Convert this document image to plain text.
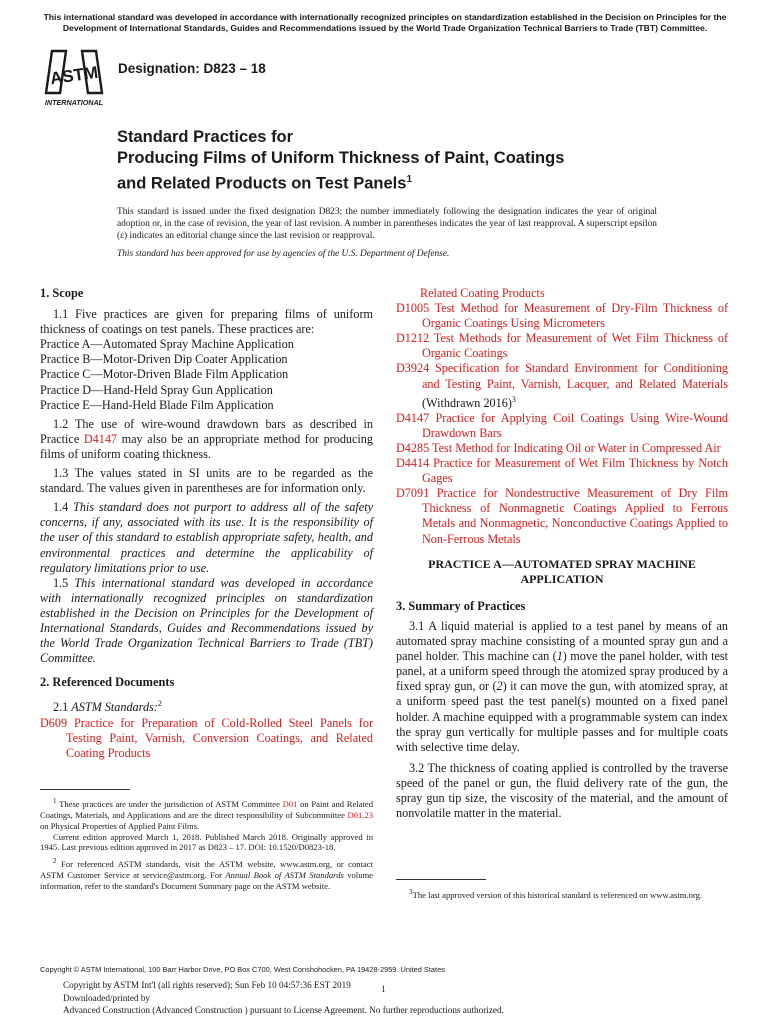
This international standard was developed in accordance with internationally recognized principles on standardization established in the Decision on Principles for the Development of International Standards, Guides and Recommendations issued by the World Trade Organization Technical Barriers to Trade (TBT) Committee.
ASTM
INTERNATIONAL
Designation: D823 – 18
Standard Practices for
Producing Films of Uniform Thickness of Paint, Coatings
and Related Products on Test Panels$^1$
This standard is issued under the fixed designation D823; the number immediately following the designation indicates the year of original adoption or, in the case of revision, the year of last revision. A number in parentheses indicates the year of last reapproval. A superscript epsilon (ε) indicates an editorial change since the last revision or reapproval.
This standard has been approved for use by agencies of the U.S. Department of Defense.

1. Scope

1.1 Five practices are given for preparing films of uniform thickness of coatings on test panels. These practices are:

Practice A—Automated Spray Machine Application

Practice B—Motor-Driven Dip Coater Application

Practice C—Motor-Driven Blade Film Application

Practice D—Hand-Held Spray Gun Application

Practice E—Hand-Held Blade Film Application

1.2 The use of wire-wound drawdown bars as described in Practice D4147 may also be an appropriate method for producing films of uniform coating thickness.

1.3 The values stated in SI units are to be regarded as the standard. The values given in parentheses are for information only.

1.4 This standard does not purport to address all of the safety concerns, if any, associated with its use. It is the responsibility of the user of this standard to establish appropriate safety, health, and environmental practices and determine the applicability of regulatory limitations prior to use.

1.5 This international standard was developed in accordance with internationally recognized principles on standardization established in the Decision on Principles for the Development of International Standards, Guides and Recommendations issued by the World Trade Organization Technical Barriers to Trade (TBT) Committee.

2. Referenced Documents

2.1 ASTM Standards:$^2$

D609 Practice for Preparation of Cold-Rolled Steel Panels for Testing Paint, Varnish, Conversion Coatings, and Related Coating Products

$^1$ These practices are under the jurisdiction of ASTM Committee D01 on Paint and Related Coatings, Materials, and Applications and are the direct responsibility of Subcommittee D01.23 on Physical Properties of Applied Paint Films.

Current edition approved March 1, 2018. Published March 2018. Originally approved in 1945. Last previous edition approved in 2017 as D823 – 17. DOI: 10.1520/D0823-18.

$^2$ For referenced ASTM standards, visit the ASTM website, www.astm.org, or contact ASTM Customer Service at service@astm.org. For Annual Book of ASTM Standards volume information, refer to the standard's Document Summary page on the ASTM website.

Related Coating Products

D1005 Test Method for Measurement of Dry-Film Thickness of Organic Coatings Using Micrometers

D1212 Test Methods for Measurement of Wet Film Thickness of Organic Coatings

D3924 Specification for Standard Environment for Conditioning and Testing Paint, Varnish, Lacquer, and Related Materials (Withdrawn 2016)$^3$

D4147 Practice for Applying Coil Coatings Using Wire-Wound Drawdown Bars

D4285 Test Method for Indicating Oil or Water in Compressed Air

D4414 Practice for Measurement of Wet Film Thickness by Notch Gages

D7091 Practice for Nondestructive Measurement of Dry Film Thickness of Nonmagnetic Coatings Applied to Ferrous Metals and Nonmagnetic, Nonconductive Coatings Applied to Non-Ferrous Metals

PRACTICE A—AUTOMATED SPRAY MACHINE

APPLICATION

3. Summary of Practices

3.1 A liquid material is applied to a test panel by means of an automated spray machine consisting of a mounted spray gun and a panel holder. This machine can (1) move the panel holder, with test panel, at a uniform speed through the atomized spray produced by a fixed spray gun, or (2) it can move the gun, with atomized spray, at a uniform speed past the test panel(s) mounted on a fixed panel holder. A machine equipped with a programmable system can index the spray gun vertically for multiple passes and for multiple coats with selective time delay.

3.2 The thickness of coating applied is controlled by the traverse speed of the panel or gun, the fluid delivery rate of the gun, the spray gun tip size, the viscosity of the material, and the amount of nonvolatile matter in the material.

$^3$The last approved version of this historical standard is referenced on www.astm.org.

Copyright © ASTM International, 100 Barr Harbor Drive, PO Box C700, West Conshohocken, PA 19428-2959. United States
Copyright by ASTM Int'l (all rights reserved); Sun Feb 10 04:57:36 EST 2019
Downloaded/printed by
Advanced Construction (Advanced Construction ) pursuant to License Agreement. No further reproductions authorized.
1
